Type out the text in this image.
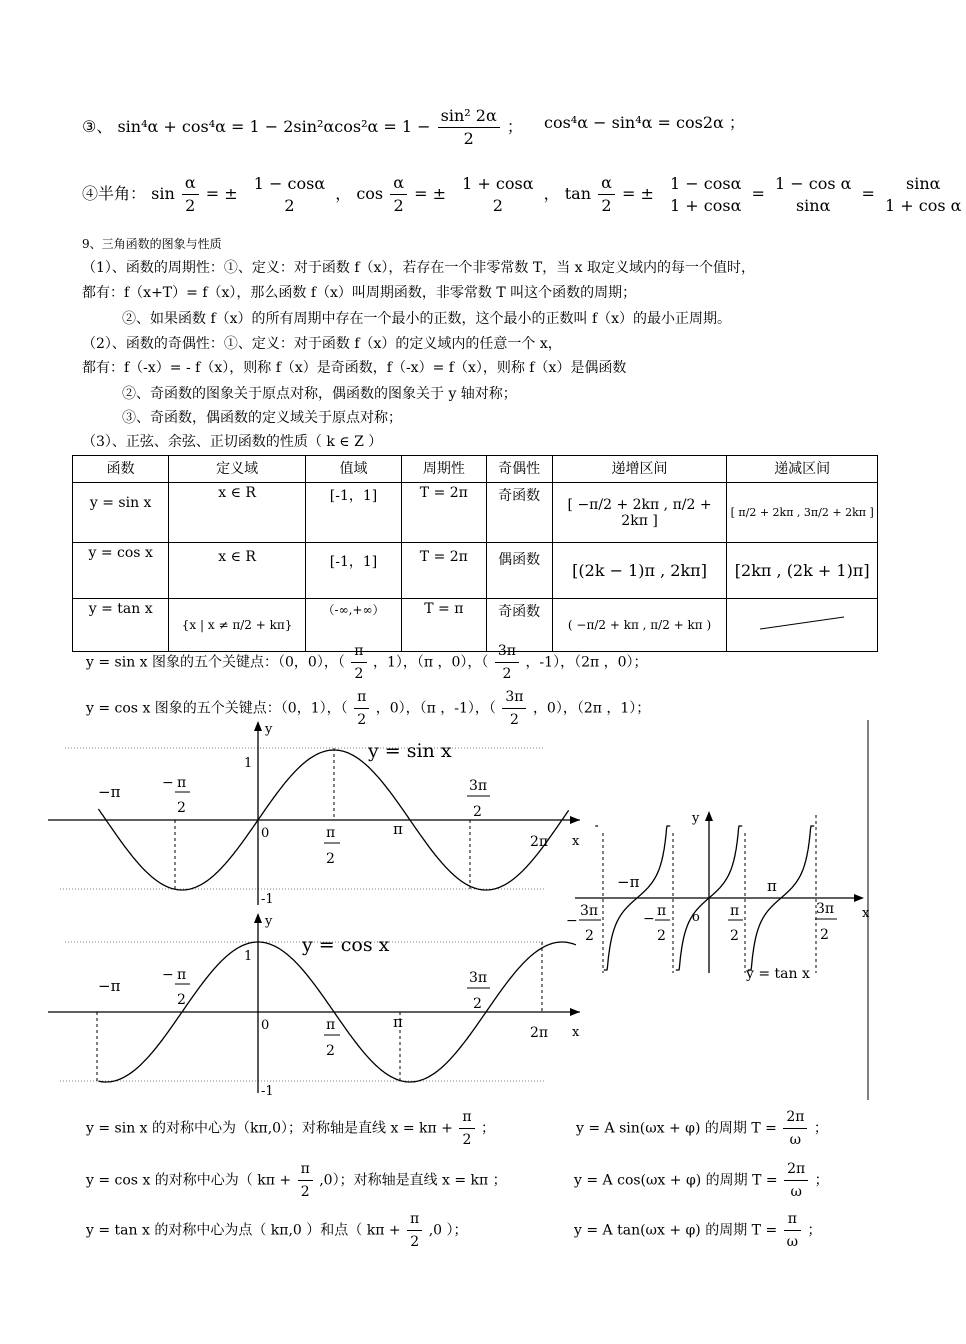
③、 $\sin^4\alpha + \cos^4\alpha = 1 - 2\sin^2\alpha\cos^2\alpha = 1 - \frac{\text{sin² 2α}}{2}$ ； cos⁴α − sin⁴α = cos2α ；
④半角： $\sin \frac{\alpha}{2}$ = ±
1 − cosα
2
， $\cos \frac{\alpha}{2}$ = ±
1 + cosα
2
， $\tan \frac{\alpha}{2}$ = ±
1 − cosα
1 + cosα
=
1 − cos α
sinα
=
sinα
1 + cos α
9、三角函数的图象与性质
（1）、函数的周期性：①、定义：对于函数 f（x），若存在一个非零常数 T，当 x 取定义域内的每一个值时，
都有：f（x+T）= f（x），那么函数 f（x）叫周期函数，非零常数 T 叫这个函数的周期；
②、如果函数 f（x）的所有周期中存在一个最小的正数，这个最小的正数叫 f（x）的最小正周期。
（2）、函数的奇偶性：①、定义：对于函数 f（x）的定义域内的任意一个 x，
都有：f（-x）= - f（x），则称 f（x）是奇函数，f（-x）= f（x），则称 f（x）是偶函数
②、奇函数的图象关于原点对称，偶函数的图象关于 y 轴对称；
③、奇函数，偶函数的定义域关于原点对称；
（3）、正弦、余弦、正切函数的性质（ k ∈ Z ）
函数	定义域	值域	周期性	奇偶性	递增区间	递减区间
y = sin x	x ∈ R	[-1，1]	T = 2π	奇函数	[ −π/2 + 2kπ , π/2 + 2kπ ]	[ π/2 + 2kπ , 3π/2 + 2kπ ]
y = cos x	x ∈ R	[-1，1]	T = 2π	偶函数	[(2k − 1)π , 2kπ]	[2kπ , (2k + 1)π]
y = tan x	{x | x ≠ π/2 + kπ}	（-∞,+∞）	T = π	奇函数	( −π/2 + kπ , π/2 + kπ )	
y = sin x 图象的五个关键点：（0，0），（ $\frac{\pi}{2}$ ，1），（π ，0），（ $\frac{3\pi}{2}$ ，-1），（2π ，0）；
y = cos x 图象的五个关键点：（0，1），（ $\frac{\pi}{2}$ ，0），（π ，-1），（ $\frac{3\pi}{2}$ ，0），（2π ，1）；
y
x
1
0
-1
y = sin x
−π	− π
2
π
2
π
3π
2
2π
y
x
1
0
-1
y = cos x
−π
− π
2
π
2
π
3π
2
2π
y
x
o
−π	π
−
3π
2
− π
2
π
2
3π
2
y = tan x
y = sin x 的对称中心为（kπ,0）；对称轴是直线 $x = k\pi + \frac{\pi}{2}$ ；	y = A sin(ωx + φ) 的周期 $T = \frac{2\pi}{\omega}$ ；
y = cos x 的对称中心为（ $k\pi + \frac{\pi}{2} ,0$）；对称轴是直线 x = kπ ；	y = A cos(ωx + φ) 的周期 $T = \frac{2\pi}{\omega}$ ；
y = tan x 的对称中心为点（ kπ,0 ）和点（ $k\pi + \frac{\pi}{2} ,0$ ）；	y = A tan(ωx + φ) 的周期 $T = \frac{\pi}{\omega}$ ；
